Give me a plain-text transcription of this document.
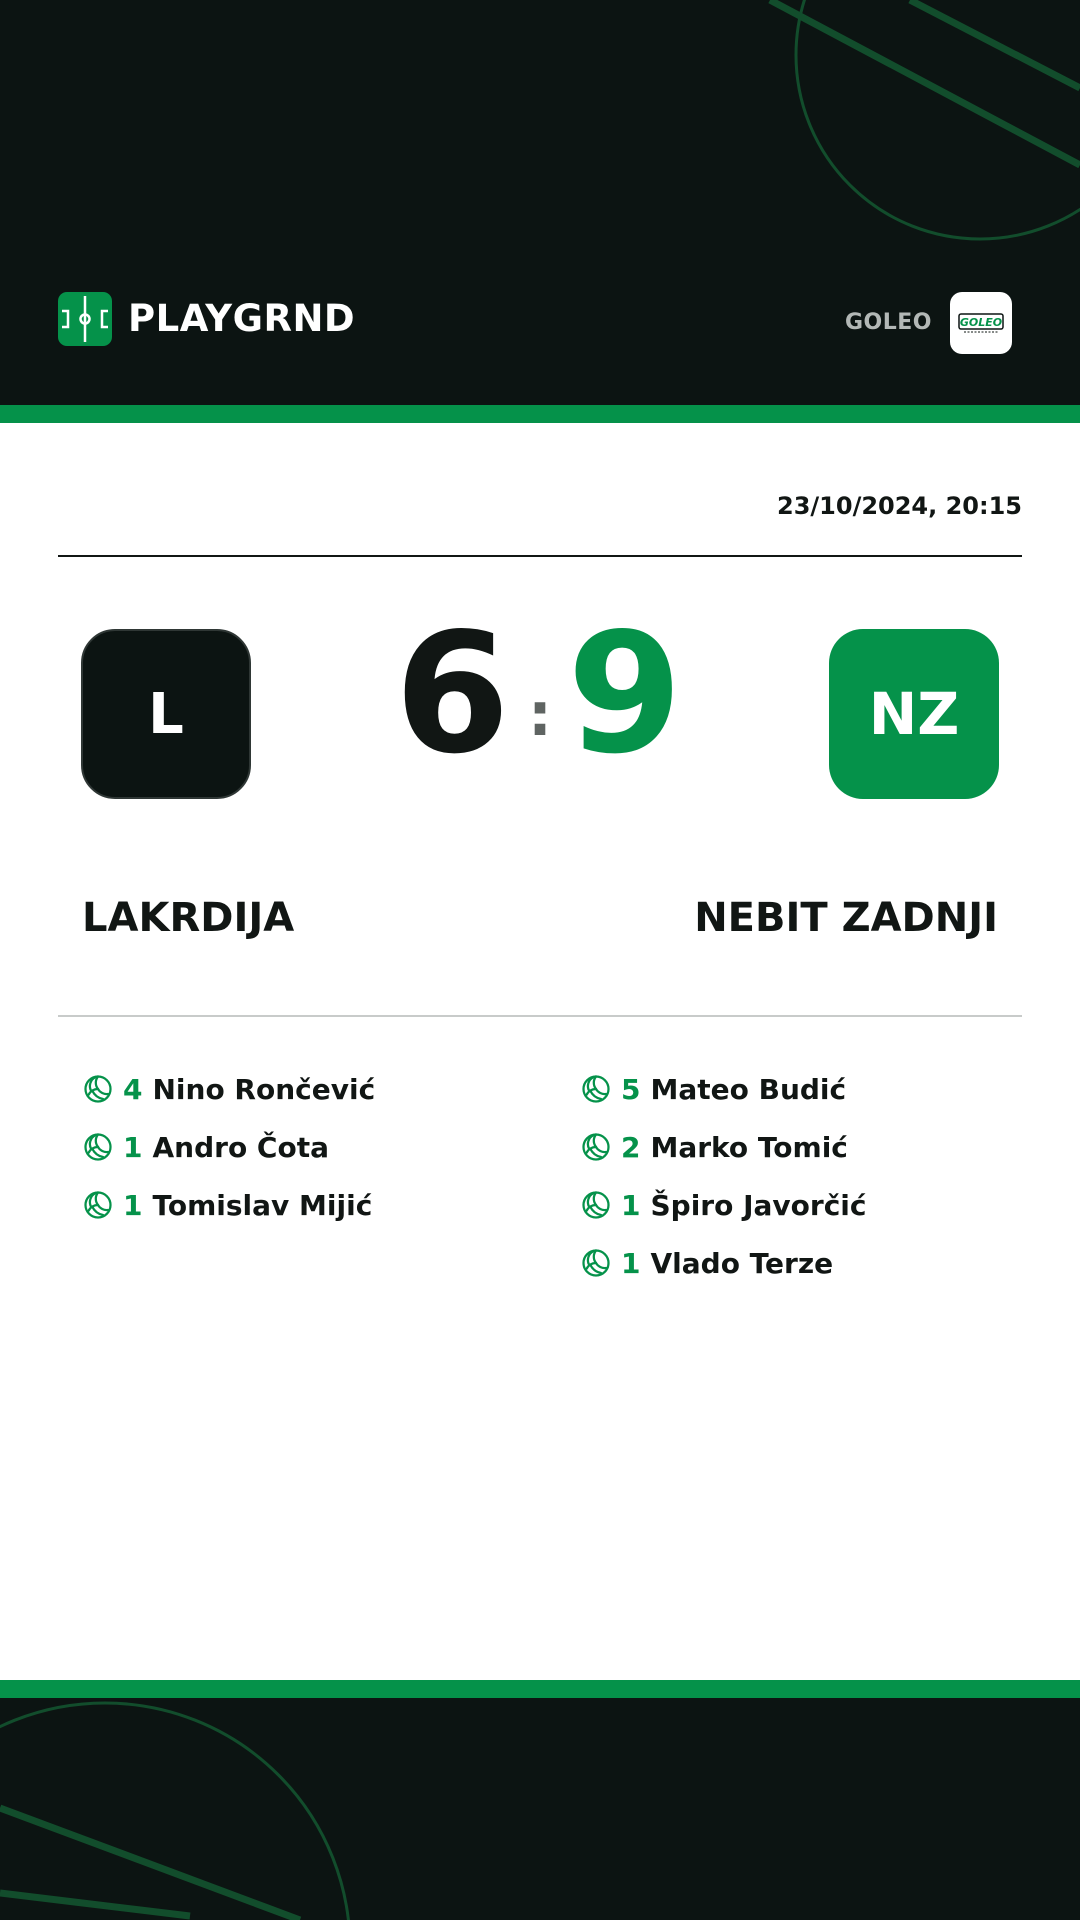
PLAYGRND	GOLEO	GOLEO
23/10/2024, 20:15
L	6 : 9	NZ
LAKRDIJA	NEBIT ZADNJI
4 Nino Rončević
1 Andro Čota
1 Tomislav Mijić
5 Mateo Budić
2 Marko Tomić
1 Špiro Javorčić
1 Vlado Terze
